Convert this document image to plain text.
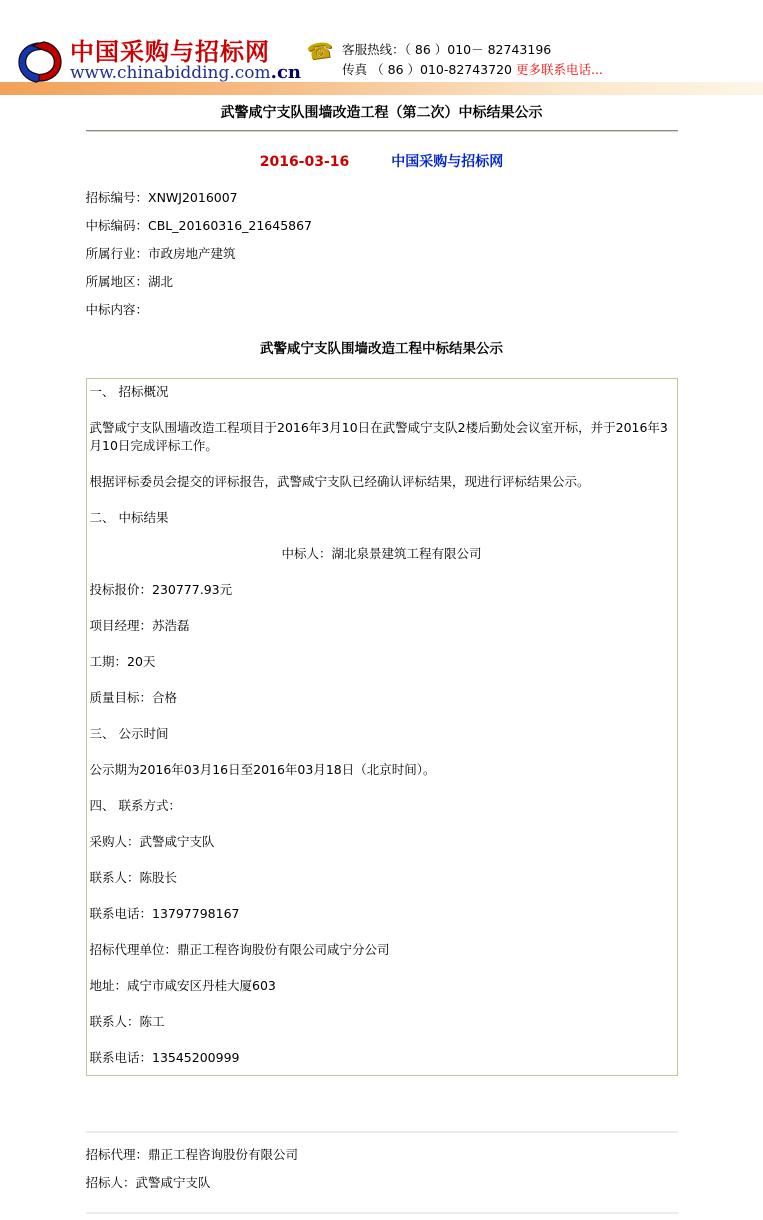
中国采购与招标网
www.chinabidding.com.cn
☎ 客服热线：（ 86 ）010－ 82743196
传真 （ 86 ）010-82743720 更多联系电话...
武警咸宁支队围墙改造工程（第二次）中标结果公示
2016-03-16	中国采购与招标网
招标编号：XNWJ2016007
中标编码：CBL_20160316_21645867
所属行业：市政房地产建筑
所属地区：湖北
中标内容：
武警咸宁支队围墙改造工程中标结果公示

一、 招标概况

武警咸宁支队围墙改造工程项目于2016年3月10日在武警咸宁支队2楼后勤处会议室开标，并于2016年3月10日完成评标工作。

根据评标委员会提交的评标报告，武警咸宁支队已经确认评标结果，现进行评标结果公示。

二、 中标结果

中标人：湖北泉景建筑工程有限公司

投标报价：230777.93元

项目经理：苏浩磊

工期：20天

质量目标：合格

三、 公示时间

公示期为2016年03月16日至2016年03月18日（北京时间）。

四、 联系方式：

采购人：武警咸宁支队

联系人：陈股长

联系电话：13797798167

招标代理单位：鼎正工程咨询股份有限公司咸宁分公司

地址：咸宁市咸安区丹桂大厦603

联系人：陈工

联系电话：13545200999

招标代理：鼎正工程咨询股份有限公司

招标人：武警咸宁支队
